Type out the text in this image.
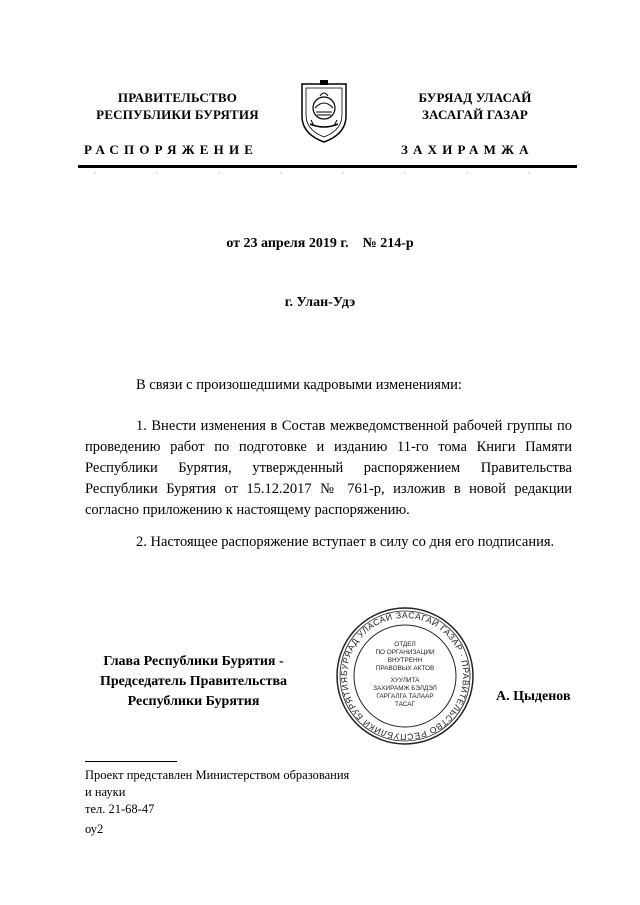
ПРАВИТЕЛЬСТВО
РЕСПУБЛИКИ БУРЯТИЯ
РАСПОРЯЖЕНИЕ
БУРЯАД УЛАСАЙ
ЗАСАГАЙ ГАЗАР
ЗАХИРАМЖА
от 23 апреля 2019 г.    № 214-р
г. Улан-Удэ
В связи с произошедшими кадровыми изменениями:
1. Внести изменения в Состав межведомственной рабочей группы по проведению работ по подготовке и изданию 11-го тома Книги Памяти Республики Бурятия, утвержденный распоряжением Правительства Республики Бурятия от 15.12.2017 № 761-р, изложив в новой редакции согласно приложению к настоящему распоряжению.
2. Настоящее распоряжение вступает в силу со дня его подписания.
Глава Республики Бурятия -
Председатель Правительства
Республики Бурятия	А. Цыденов
БУРЯАД УЛАСАЙ ЗАСАГАЙ ГАЗАР · ПРАВИТЕЛЬСТВО РЕСПУБЛИКИ БУРЯТИЯ
ОТДЕЛ
ПО ОРГАНИЗАЦИИ
ВНУТРЕНН
ПРАВОВЫХ АКТОВ
ХУУЛИТА
ЗАХИРАМЖ БЭЛДЭЛ
ГАРГАЛГА ТАЛААР
ТАСАГ
Проект представлен Министерством образования
и науки
тел. 21-68-47
оу2
